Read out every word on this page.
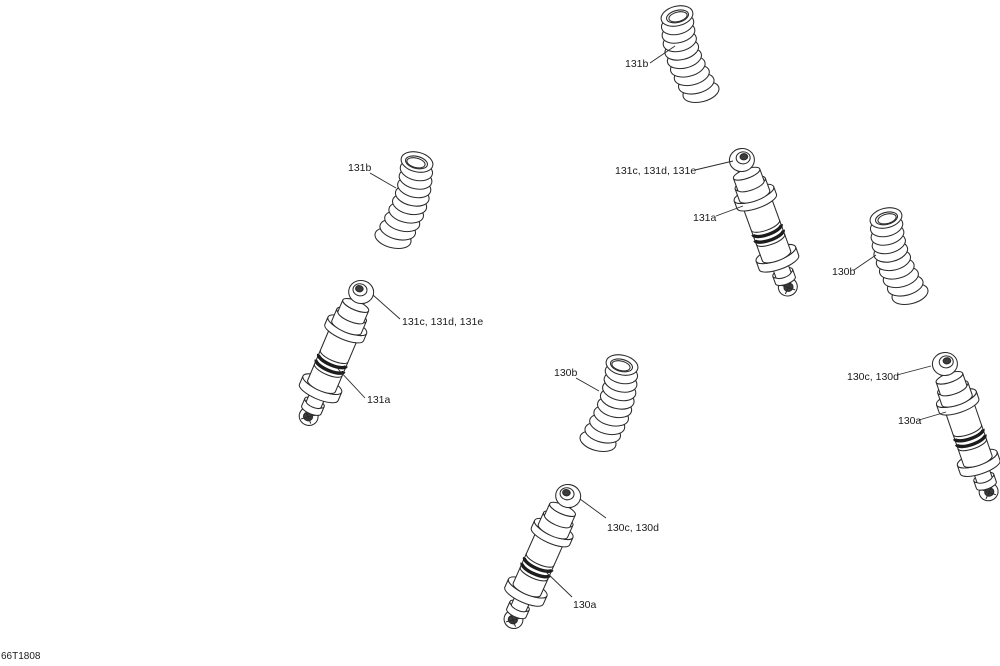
131b
131b	131c, 131d, 131e
131a
130b
131c, 131d, 131e
131a
130b	130c, 130d
130a
130c, 130d
130a
66T1808
